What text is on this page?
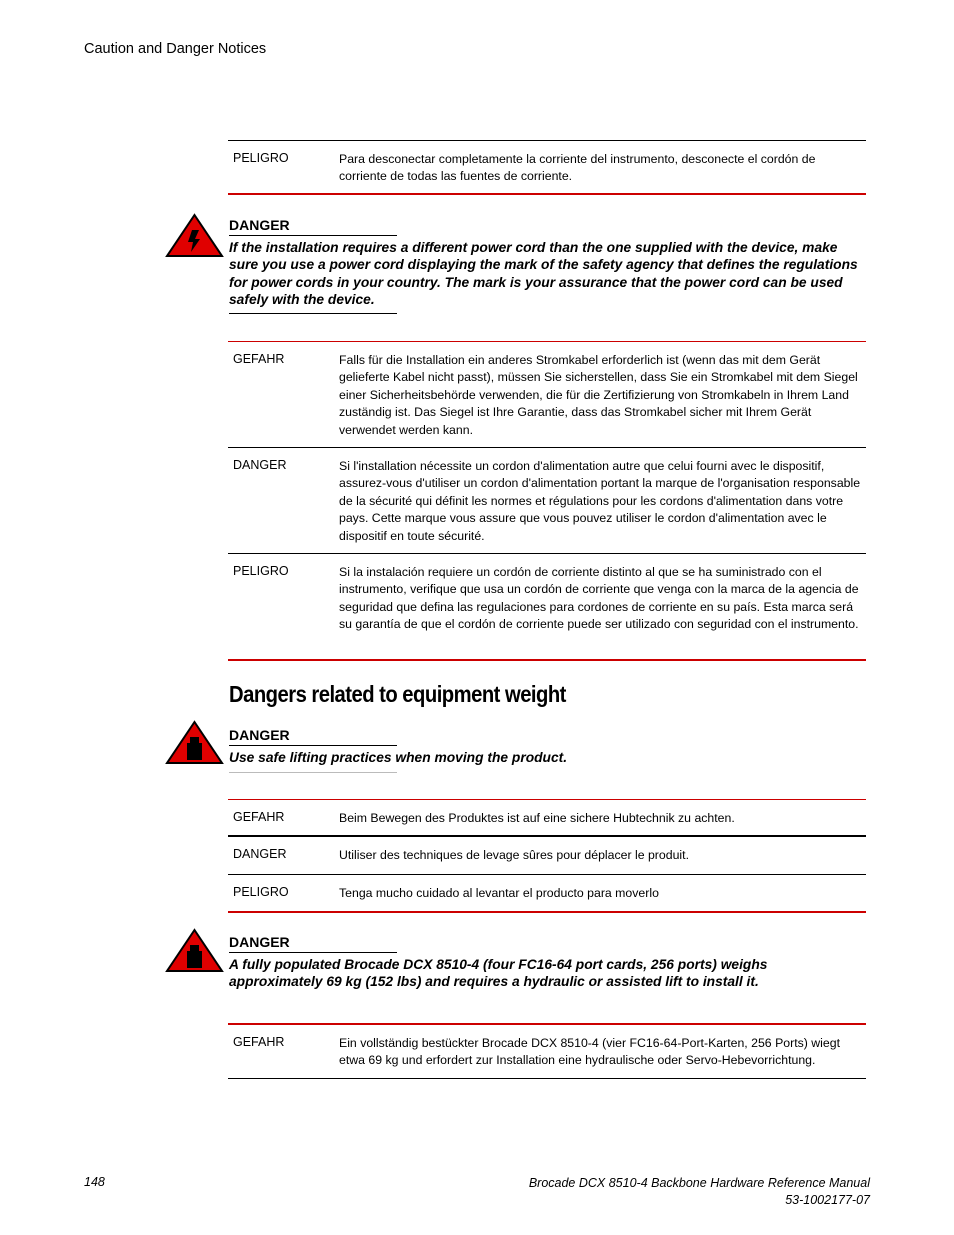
Caution and Danger Notices
PELIGRO	Para desconectar completamente la corriente del instrumento, desconecte el cordón de corriente de todas las fuentes de corriente.
DANGER
If the installation requires a different power cord than the one supplied with the device, make sure you use a power cord displaying the mark of the safety agency that defines the regulations for power cords in your country. The mark is your assurance that the power cord can be used safely with the device.
GEFAHR	Falls für die Installation ein anderes Stromkabel erforderlich ist (wenn das mit dem Gerät gelieferte Kabel nicht passt), müssen Sie sicherstellen, dass Sie ein Stromkabel mit dem Siegel einer Sicherheitsbehörde verwenden, die für die Zertifizierung von Stromkabeln in Ihrem Land zuständig ist. Das Siegel ist Ihre Garantie, dass das Stromkabel sicher mit Ihrem Gerät verwendet werden kann.
DANGER	Si l'installation nécessite un cordon d'alimentation autre que celui fourni avec le dispositif, assurez-vous d'utiliser un cordon d'alimentation portant la marque de l'organisation responsable de la sécurité qui définit les normes et régulations pour les cordons d'alimentation dans votre pays. Cette marque vous assure que vous pouvez utiliser le cordon d'alimentation avec le dispositif en toute sécurité.
PELIGRO	Si la instalación requiere un cordón de corriente distinto al que se ha suministrado con el instrumento, verifique que usa un cordón de corriente que venga con la marca de la agencia de seguridad que defina las regulaciones para cordones de corriente en su país. Esta marca será su garantía de que el cordón de corriente puede ser utilizado con seguridad con el instrumento.
Dangers related to equipment weight
DANGER
Use safe lifting practices when moving the product.
GEFAHR	Beim Bewegen des Produktes ist auf eine sichere Hubtechnik zu achten.
DANGER	Utiliser des techniques de levage sûres pour déplacer le produit.
PELIGRO	Tenga mucho cuidado al levantar el producto para moverlo
DANGER
A fully populated Brocade DCX 8510-4 (four FC16-64 port cards, 256 ports) weighs approximately 69 kg (152 lbs) and requires a hydraulic or assisted lift to install it.
GEFAHR	Ein vollständig bestückter Brocade DCX 8510-4 (vier FC16-64-Port-Karten, 256 Ports) wiegt etwa 69 kg und erfordert zur Installation eine hydraulische oder Servo-Hebevorrichtung.
148	Brocade DCX 8510-4 Backbone Hardware Reference Manual
53-1002177-07
